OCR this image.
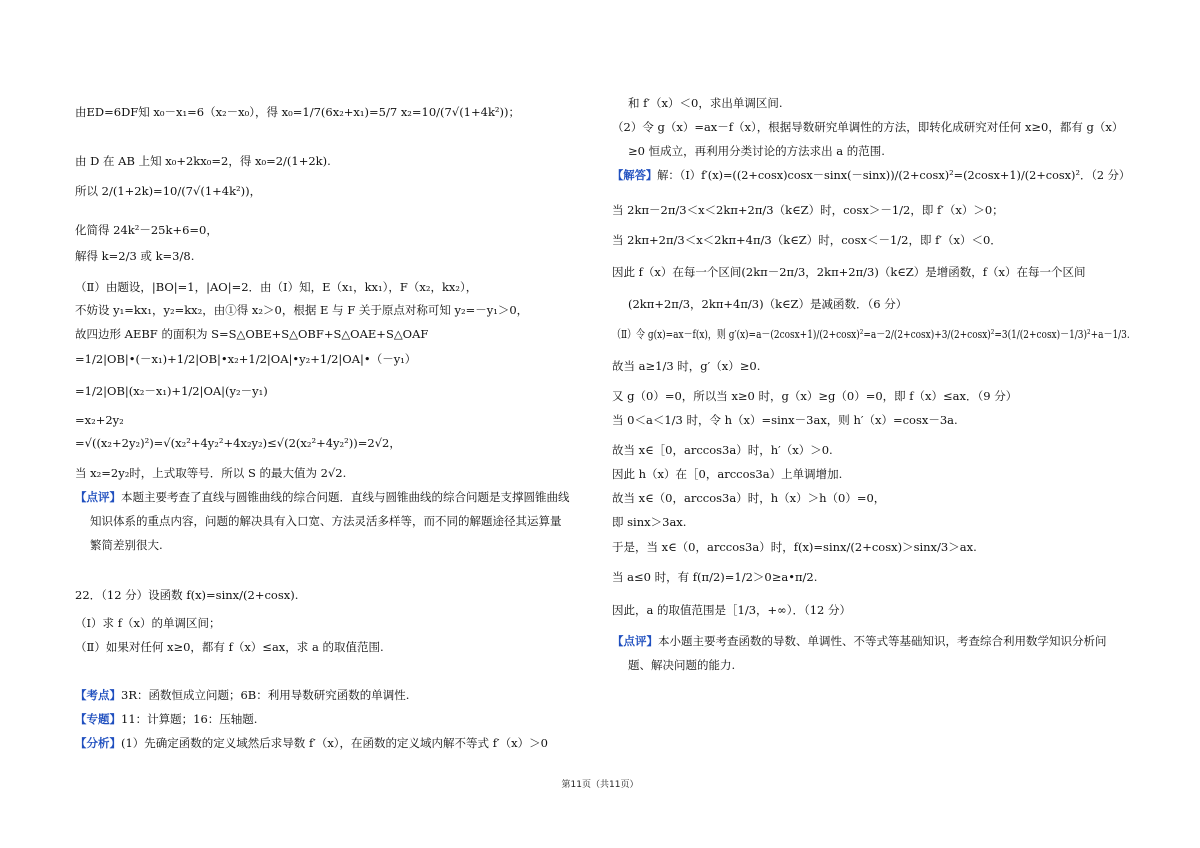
由ED=6DF知 x₀－x₁=6（x₂－x₀），得 x₀=1/7(6x₂+x₁)=5/7 x₂=10/(7√(1+4k²))；
由 D 在 AB 上知 x₀+2kx₀=2，得 x₀=2/(1+2k).
所以 2/(1+2k)=10/(7√(1+4k²))，
化简得 24k²－25k+6=0，
解得 k=2/3 或 k=3/8.
（Ⅱ）由题设，|BO|=1，|AO|=2．由（Ⅰ）知，E（x₁，kx₁），F（x₂，kx₂），
不妨设 y₁=kx₁，y₂=kx₂，由①得 x₂＞0，根据 E 与 F 关于原点对称可知 y₂=－y₁＞0，
故四边形 AEBF 的面积为 S=S△OBE+S△OBF+S△OAE+S△OAF
=1/2|OB|•(－x₁)+1/2|OB|•x₂+1/2|OA|•y₂+1/2|OA|•（－y₁）
=1/2|OB|(x₂－x₁)+1/2|OA|(y₂－y₁)
=x₂+2y₂
=√((x₂+2y₂)²)=√(x₂²+4y₂²+4x₂y₂)≤√(2(x₂²+4y₂²))=2√2，
当 x₂=2y₂时，上式取等号．所以 S 的最大值为 2√2.
【点评】本题主要考查了直线与圆锥曲线的综合问题．直线与圆锥曲线的综合问题是支撑圆锥曲线
知识体系的重点内容，问题的解决具有入口宽、方法灵活多样等，而不同的解题途径其运算量
繁简差别很大.
22．（12 分）设函数 f(x)=sinx/(2+cosx).
（Ⅰ）求 f（x）的单调区间；
（Ⅱ）如果对任何 x≥0，都有 f（x）≤ax，求 a 的取值范围.
【考点】3R：函数恒成立问题；6B：利用导数研究函数的单调性.
【专题】11：计算题；16：压轴题.
【分析】(1）先确定函数的定义域然后求导数 f′（x），在函数的定义域内解不等式 f′（x）＞0
和 f′（x）＜0，求出单调区间.
（2）令 g（x）=ax－f（x），根据导数研究单调性的方法，即转化成研究对任何 x≥0，都有 g（x）
≥0 恒成立，再利用分类讨论的方法求出 a 的范围.
【解答】解：（Ⅰ）f′(x)=((2+cosx)cosx－sinx(－sinx))/(2+cosx)²=(2cosx+1)/(2+cosx)²．（2 分）
当 2kπ－2π/3＜x＜2kπ+2π/3（k∈Z）时，cosx＞－1/2，即 f′（x）＞0；
当 2kπ+2π/3＜x＜2kπ+4π/3（k∈Z）时，cosx＜－1/2，即 f′（x）＜0．
因此 f（x）在每一个区间(2kπ－2π/3，2kπ+2π/3)（k∈Z）是增函数，f（x）在每一个区间
(2kπ+2π/3，2kπ+4π/3)（k∈Z）是减函数．（6 分）
（Ⅱ）令 g(x)=ax－f(x)，则 g′(x)=a－(2cosx+1)/(2+cosx)²=a－2/(2+cosx)+3/(2+cosx)²=3(1/(2+cosx)－1/3)²+a－1/3.
故当 a≥1/3 时，g′（x）≥0.
又 g（0）=0，所以当 x≥0 时，g（x）≥g（0）=0，即 f（x）≤ax．（9 分）
当 0＜a＜1/3 时，令 h（x）=sinx－3ax，则 h′（x）=cosx－3a.
故当 x∈［0，arccos3a）时，h′（x）＞0.
因此 h（x）在［0，arccos3a）上单调增加.
故当 x∈（0，arccos3a）时，h（x）＞h（0）=0，
即 sinx＞3ax.
于是，当 x∈（0，arccos3a）时，f(x)=sinx/(2+cosx)＞sinx/3＞ax.
当 a≤0 时，有 f(π/2)=1/2＞0≥a•π/2.
因此，a 的取值范围是［1/3，+∞）．（12 分）
【点评】本小题主要考查函数的导数、单调性、不等式等基础知识，考查综合利用数学知识分析问
题、解决问题的能力.
第11页（共11页）
